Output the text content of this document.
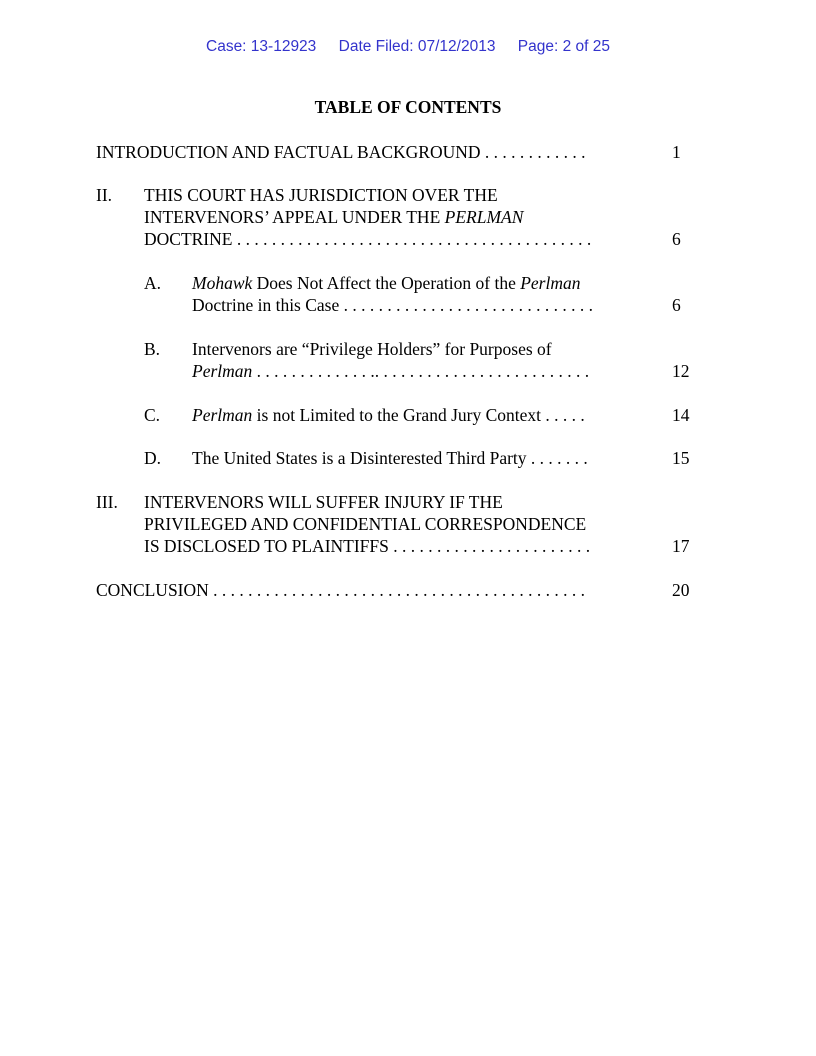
Case: 13-12923 Date Filed: 07/12/2013 Page: 2 of 25
TABLE OF CONTENTS
INTRODUCTION AND FACTUAL BACKGROUND . . . . . . . . . . . .	1
II. THIS COURT HAS JURISDICTION OVER THE
INTERVENORS’ APPEAL UNDER THE PERLMAN
DOCTRINE . . . . . . . . . . . . . . . . . . . . . . . . . . . . . . . . . . . . . . . . .	6
A. Mohawk Does Not Affect the Operation of the Perlman
Doctrine in this Case . . . . . . . . . . . . . . . . . . . . . . . . . . . . .	6
B. Intervenors are “Privilege Holders” for Purposes of
Perlman . . . . . . . . . . . . . .. . . . . . . . . . . . . . . . . . . . . . . . .	12
C. Perlman is not Limited to the Grand Jury Context . . . . .	14
D. The United States is a Disinterested Third Party . . . . . . .	15
III. INTERVENORS WILL SUFFER INJURY IF THE
PRIVILEGED AND CONFIDENTIAL CORRESPONDENCE
IS DISCLOSED TO PLAINTIFFS . . . . . . . . . . . . . . . . . . . . . . .	17
CONCLUSION . . . . . . . . . . . . . . . . . . . . . . . . . . . . . . . . . . . . . . . . . . .	20
